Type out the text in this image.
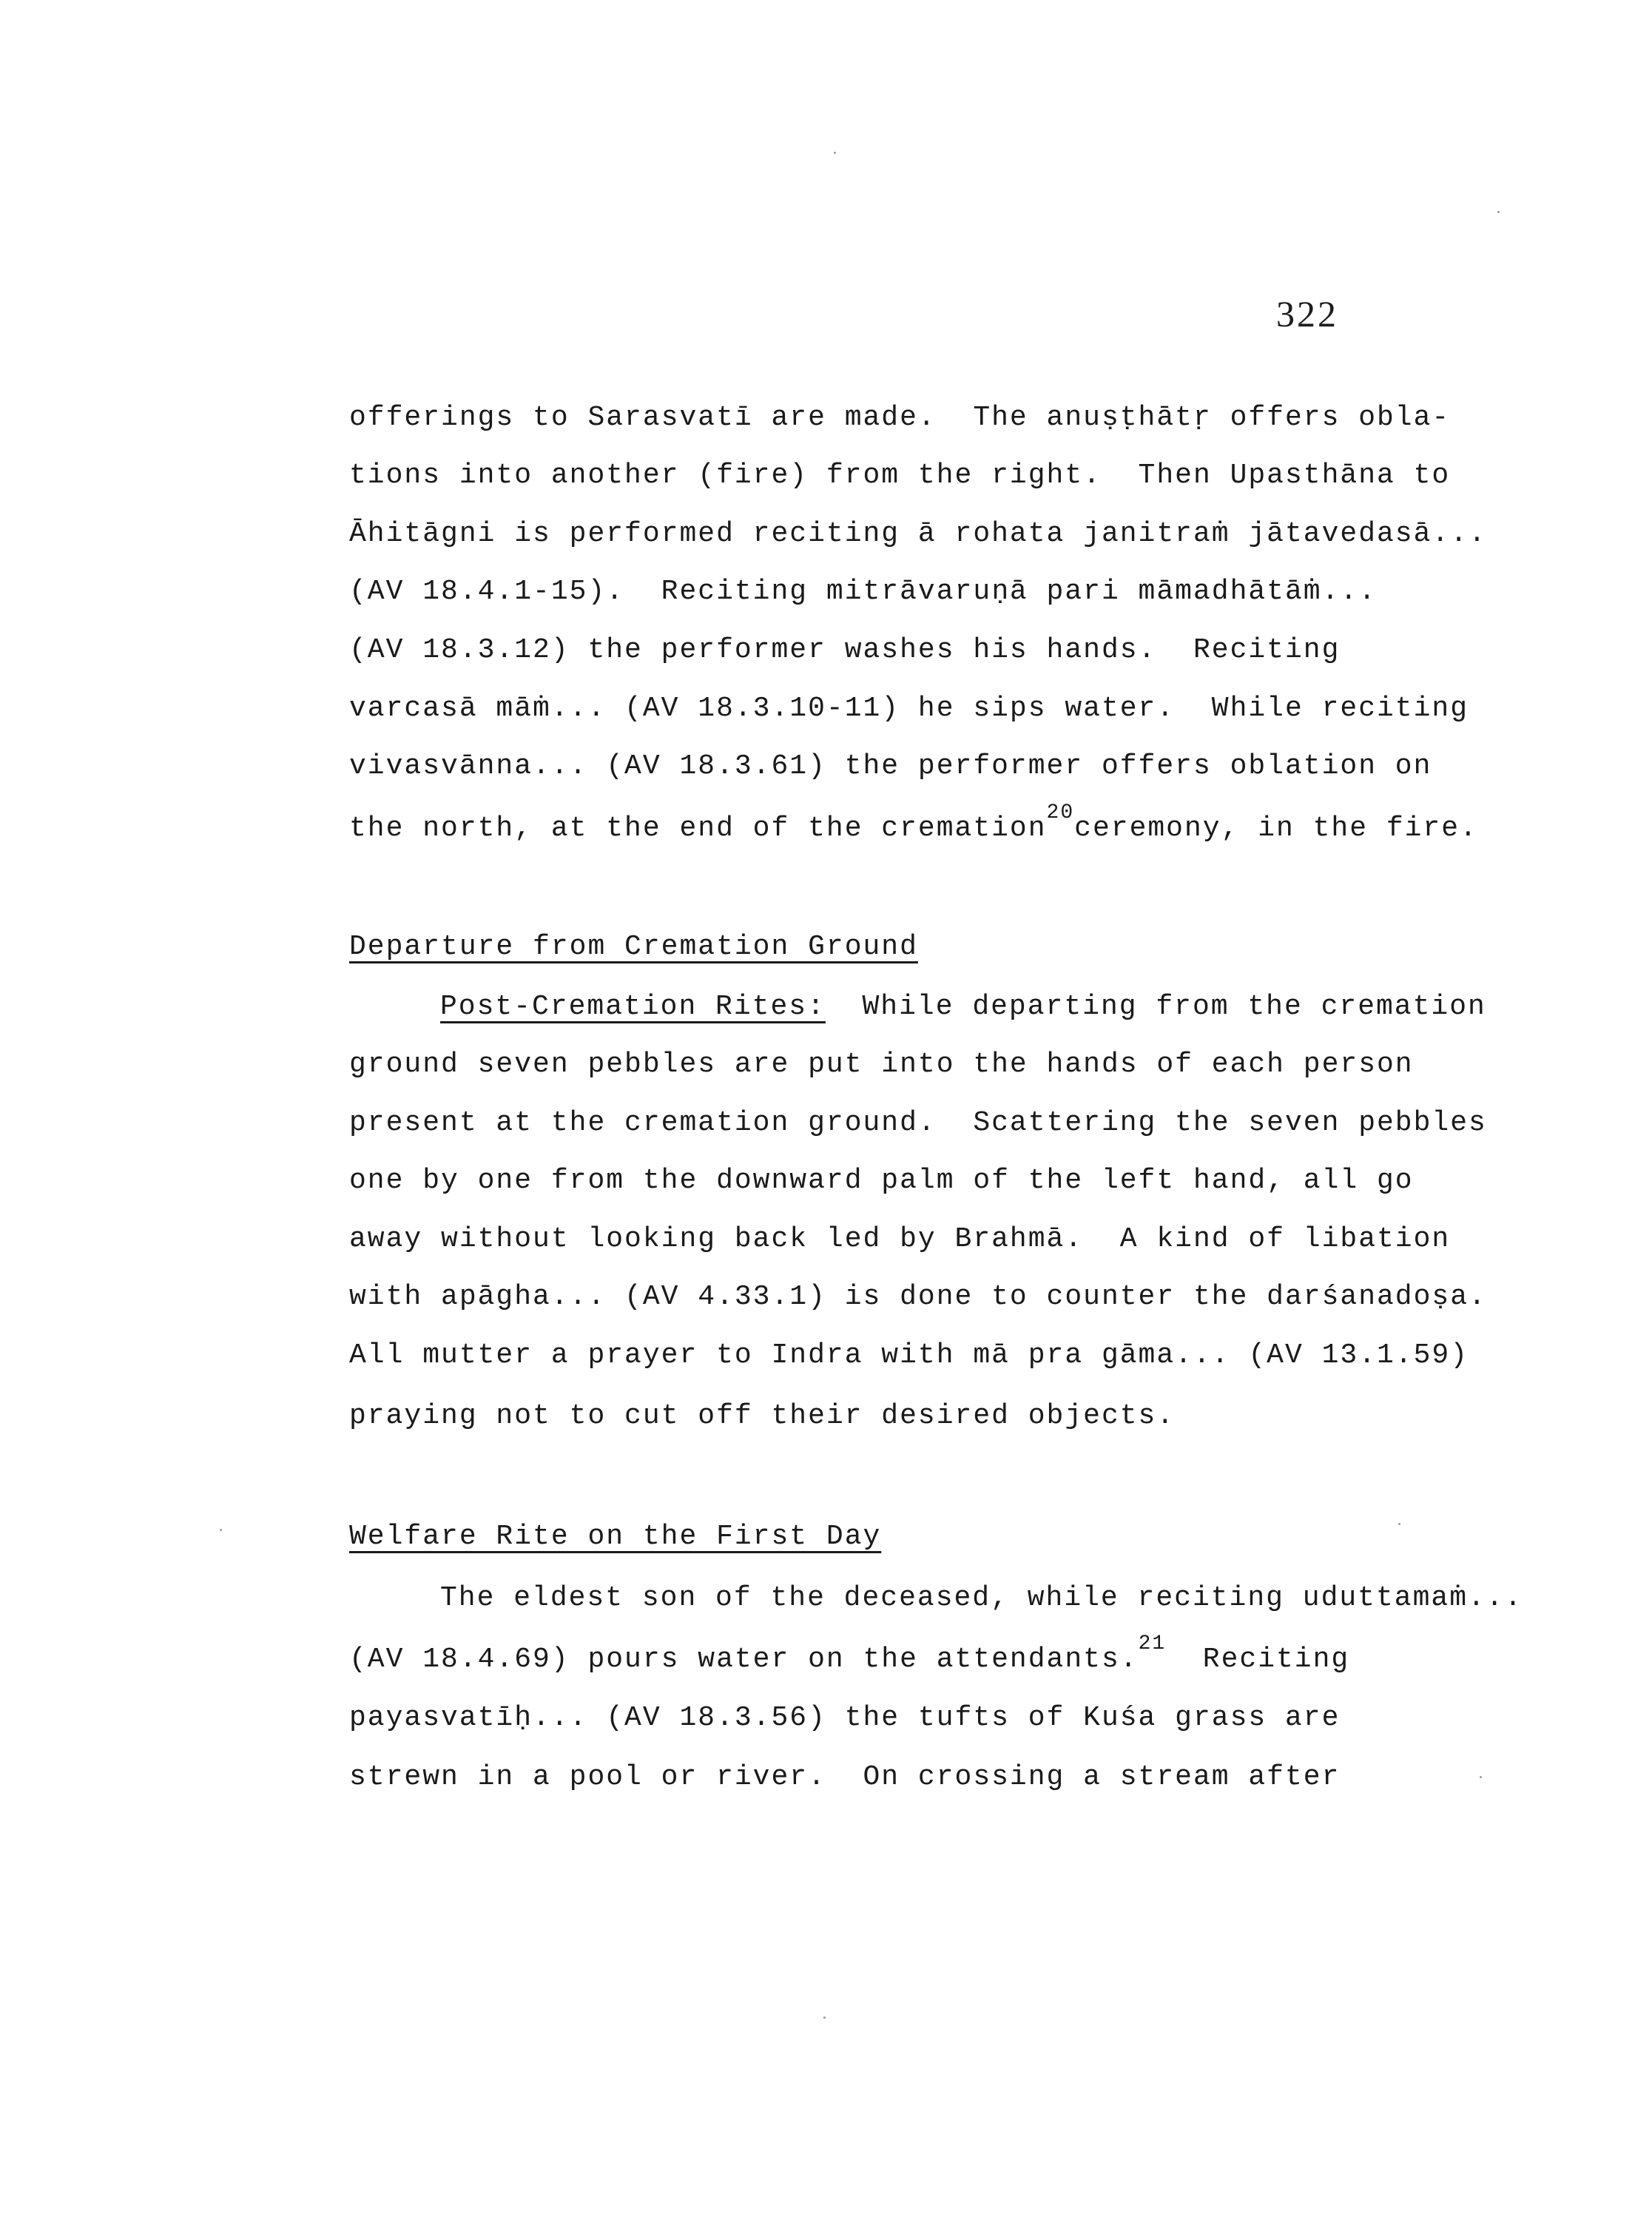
322
offerings to Sarasvatī are made.  The anuṣṭhātṛ offers obla-
tions into another (fire) from the right.  Then Upasthāna to
Āhitāgni is performed reciting ā rohata janitraṁ jātavedasā...
(AV 18.4.1-15).  Reciting mitrāvaruṇā pari māmadhātāṁ...
(AV 18.3.12) the performer washes his hands.  Reciting
varcasā māṁ... (AV 18.3.10-11) he sips water.  While reciting
vivasvānna... (AV 18.3.61) the performer offers oblation on
the north, at the end of the cremation$^{20}$ceremony, in the fire.
Departure from Cremation Ground
Post-Cremation Rites:  While departing from the cremation
ground seven pebbles are put into the hands of each person
present at the cremation ground.  Scattering the seven pebbles
one by one from the downward palm of the left hand, all go
away without looking back led by Brahmā.  A kind of libation
with apāgha... (AV 4.33.1) is done to counter the darśanadoṣa.
All mutter a prayer to Indra with mā pra gāma... (AV 13.1.59)
praying not to cut off their desired objects.
Welfare Rite on the First Day
The eldest son of the deceased, while reciting uduttamaṁ...
(AV 18.4.69) pours water on the attendants.$^{21}$  Reciting
payasvatīḥ... (AV 18.3.56) the tufts of Kuśa grass are
strewn in a pool or river.  On crossing a stream after
